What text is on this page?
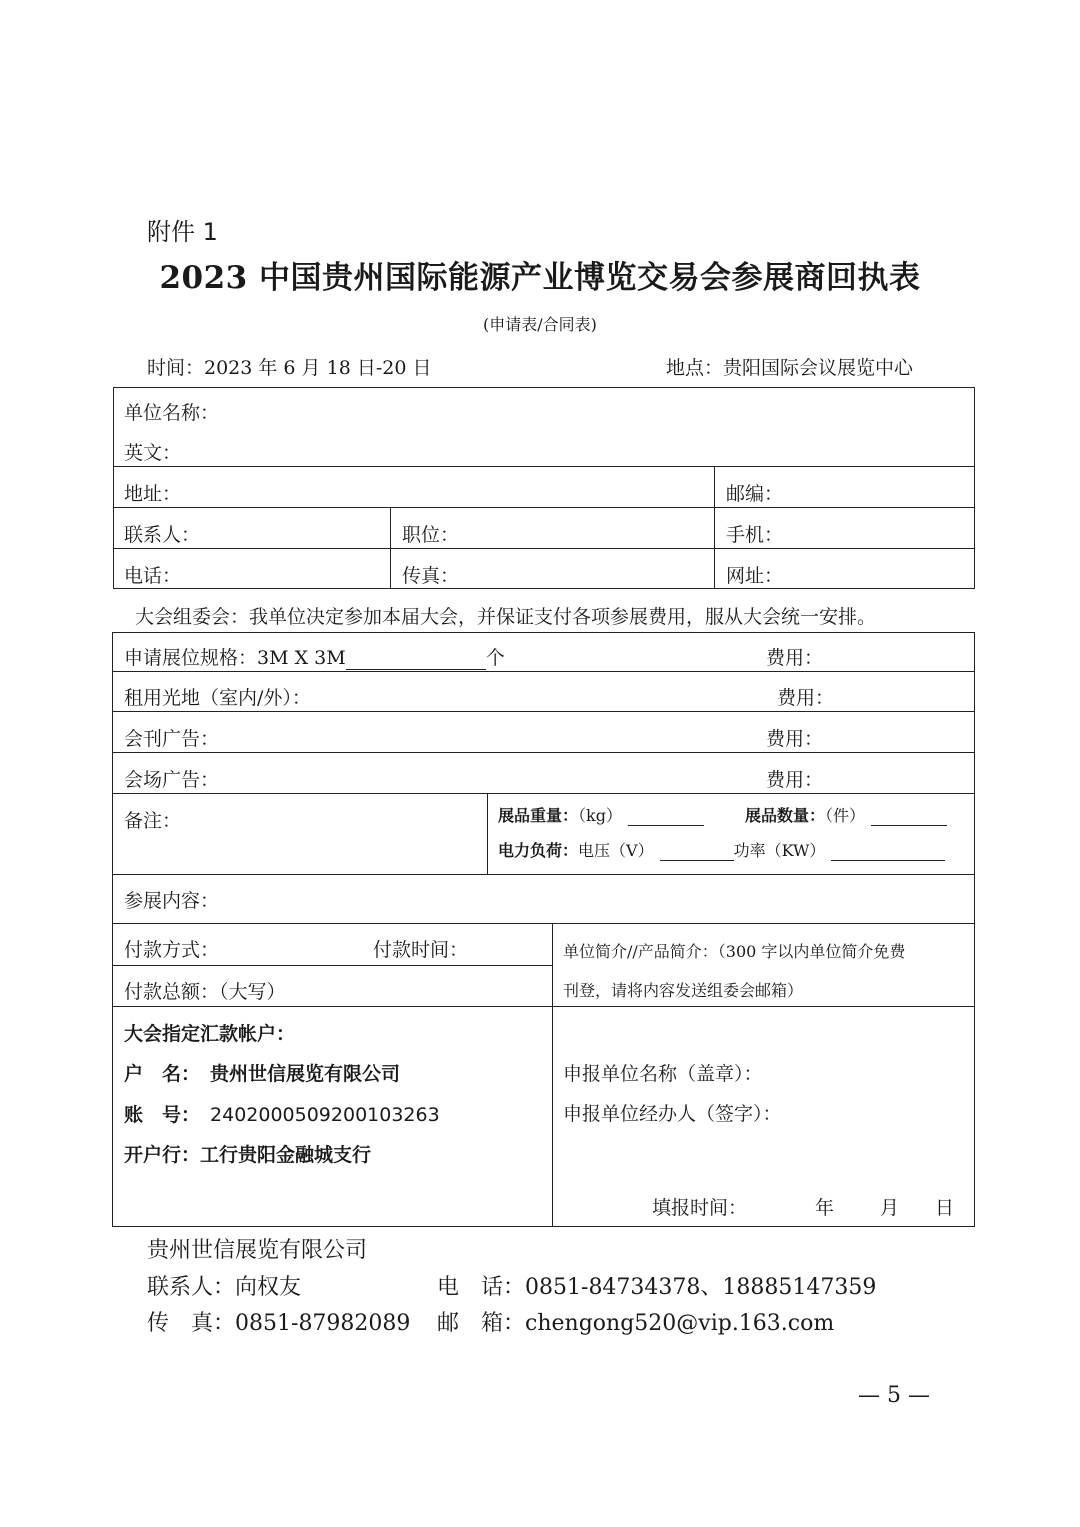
附件 1
2023 中国贵州国际能源产业博览交易会参展商回执表
(申请表/合同表)
时间：2023 年 6 月 18 日-20 日	地点：贵阳国际会议展览中心
单位名称：
英文：
地址：	邮编：
联系人：	职位：	手机：
电话：	传真：	网址：
大会组委会：我单位决定参加本届大会，并保证支付各项参展费用，服从大会统一安排。
申请展位规格：3M X 3M	个	费用：
租用光地（室内/外）：	费用：
会刊广告：	费用：
会场广告：	费用：
备注：	展品重量：（kg）	展品数量：（件）
电力负荷：电压（V）	功率（KW）
参展内容：
付款方式：	付款时间：
付款总额：（大写）
单位简介//产品简介：（300 字以内单位简介免费
刊登，请将内容发送组委会邮箱）
大会指定汇款帐户：
户　名： 贵州世信展览有限公司
账　号： 2402000509200103263
开户行：工行贵阳金融城支行
申报单位名称（盖章）：
申报单位经办人（签字）：
填报时间：	年 月 日
贵州世信展览有限公司
联系人：向权友	电　话：0851-84734378、18885147359
传　真：0851-87982089 邮　箱：chengong520@vip.163.com
— 5 —
